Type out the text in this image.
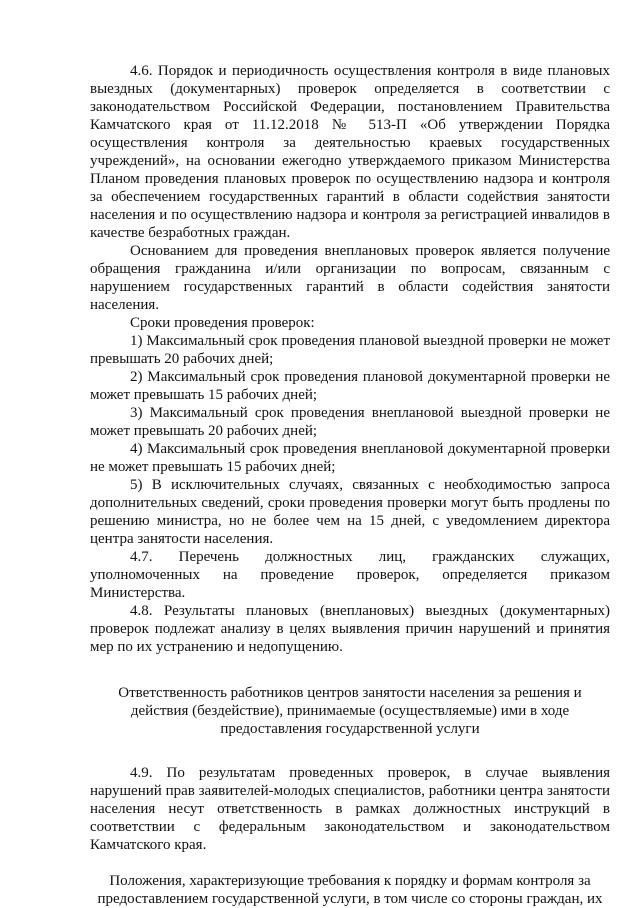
4.6. Порядок и периодичность осуществления контроля в виде плановых выездных (документарных) проверок определяется в соответствии с законодательством Российской Федерации, постановлением Правительства Камчатского края от 11.12.2018 № 513-П «Об утверждении Порядка осуществления контроля за деятельностью краевых государственных учреждений», на основании ежегодно утверждаемого приказом Министерства Планом проведения плановых проверок по осуществлению надзора и контроля за обеспечением государственных гарантий в области содействия занятости населения и по осуществлению надзора и контроля за регистрацией инвалидов в качестве безработных граждан.

Основанием для проведения внеплановых проверок является получение обращения гражданина и/или организации по вопросам, связанным с нарушением государственных гарантий в области содействия занятости населения.

Сроки проведения проверок:

1) Максимальный срок проведения плановой выездной проверки не может превышать 20 рабочих дней;

2) Максимальный срок проведения плановой документарной проверки не может превышать 15 рабочих дней;

3) Максимальный срок проведения внеплановой выездной проверки не может превышать 20 рабочих дней;

4) Максимальный срок проведения внеплановой документарной проверки не может превышать 15 рабочих дней;

5) В исключительных случаях, связанных с необходимостью запроса дополнительных сведений, сроки проведения проверки могут быть продлены по решению министра, но не более чем на 15 дней, с уведомлением директора центра занятости населения.

4.7. Перечень должностных лиц, гражданских служащих, уполномоченных на проведение проверок, определяется приказом Министерства.

4.8. Результаты плановых (внеплановых) выездных (документарных) проверок подлежат анализу в целях выявления причин нарушений и принятия мер по их устранению и недопущению.

Ответственность работников центров занятости населения за решения и
действия (бездействие), принимаемые (осуществляемые) ими в ходе
предоставления государственной услуги

4.9. По результатам проведенных проверок, в случае выявления нарушений прав заявителей-молодых специалистов, работники центра занятости населения несут ответственность в рамках должностных инструкций в соответствии с федеральным законодательством и законодательством Камчатского края.

Положения, характеризующие требования к порядку и формам контроля за
предоставлением государственной услуги, в том числе со стороны граждан, их
